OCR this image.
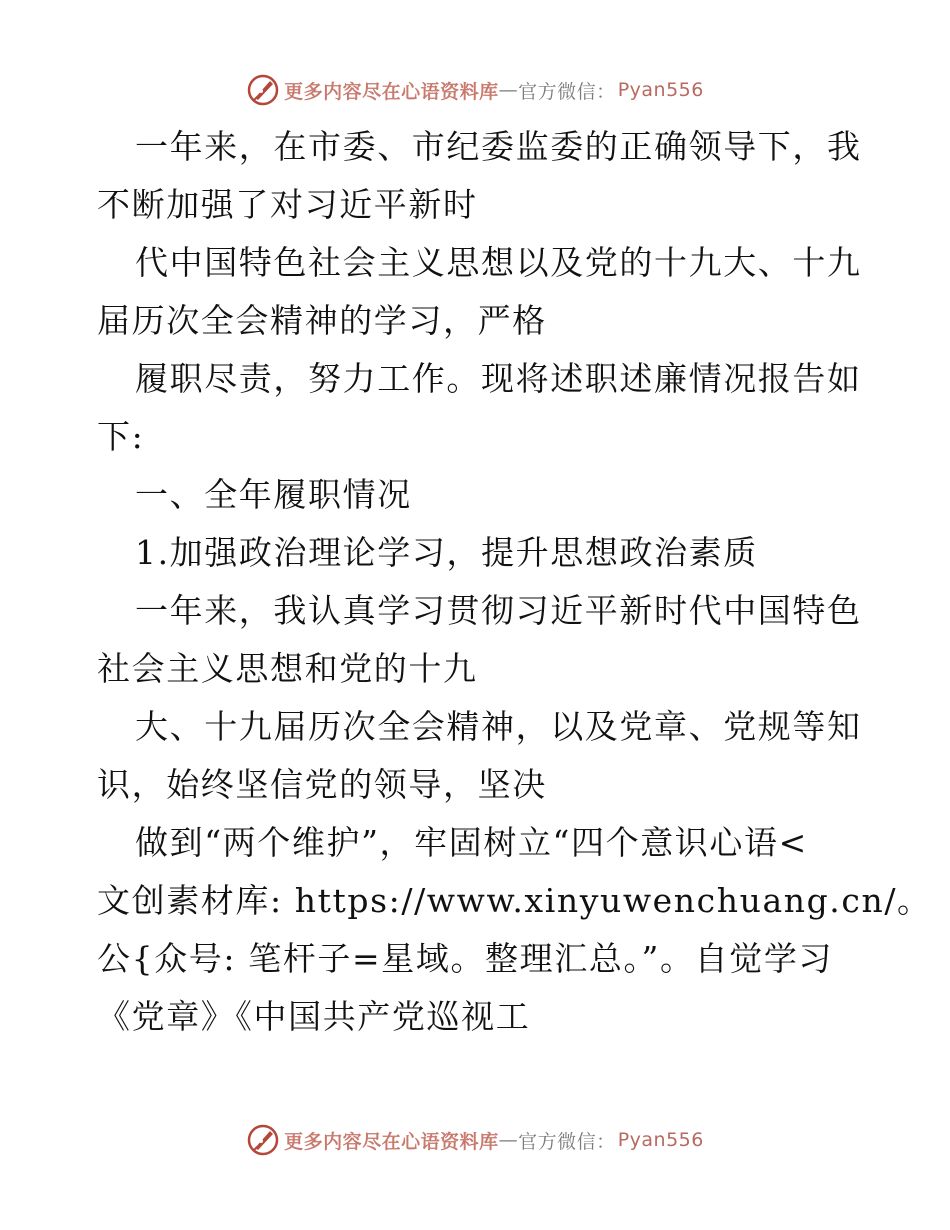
更多内容尽在心语资料库 — 官方微信： Pyan556
一年来，在市委、市纪委监委的正确领导下，我
不断加强了对习近平新时
代中国特色社会主义思想以及党的十九大、十九
届历次全会精神的学习，严格
履职尽责，努力工作。现将述职述廉情况报告如
下:
一、全年履职情况
1.加强政治理论学习，提升思想政治素质
一年来，我认真学习贯彻习近平新时代中国特色
社会主义思想和党的十九
大、十九届历次全会精神，以及党章、党规等知
识，始终坚信党的领导，坚决
做到“两个维护”，牢固树立“四个意识心语<
文创素材库: https://www.xinyuwenchuang.cn/。
公{众号: 笔杆子=星域。整理汇总。”。自觉学习
《党章》《中国共产党巡视工
更多内容尽在心语资料库 — 官方微信： Pyan556
